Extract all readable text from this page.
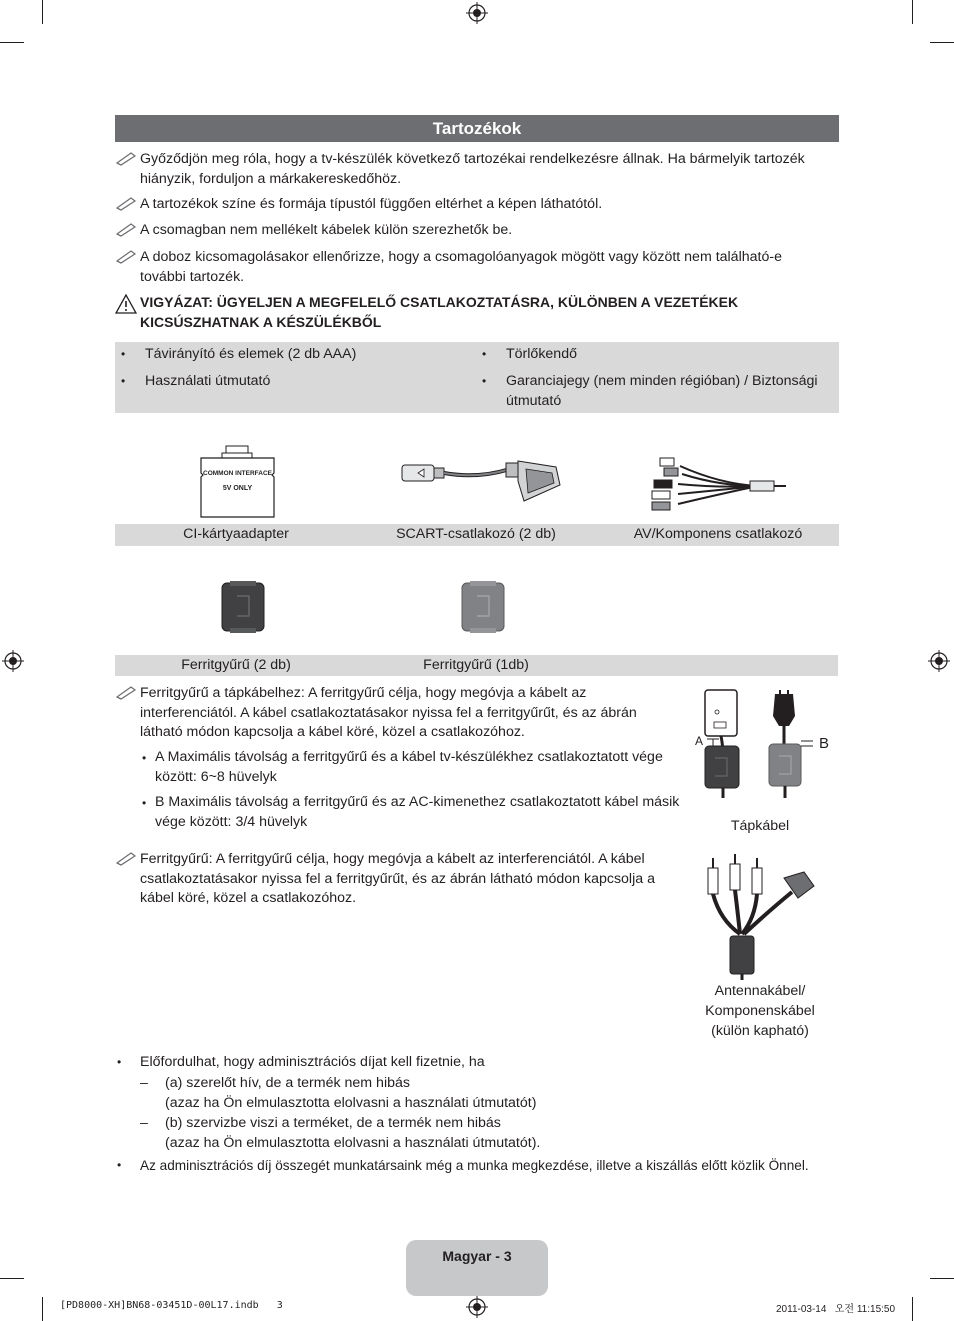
Tartozékok
Győződjön meg róla, hogy a tv-készülék következő tartozékai rendelkezésre állnak. Ha bármelyik tartozék hiányzik, forduljon a márkakereskedőhöz.
A tartozékok színe és formája típustól függően eltérhet a képen láthatótól.
A csomagban nem mellékelt kábelek külön szerezhetők be.
A doboz kicsomagolásakor ellenőrizze, hogy a csomagolóanyagok mögött vagy között nem található-e további tartozék.
VIGYÁZAT: ÜGYELJEN A MEGFELELŐ CSATLAKOZTATÁSRA, KÜLÖNBEN A VEZETÉKEK KICSÚSZHATNAK A KÉSZÜLÉKBŐL
• Távirányító és elemek (2 db AAA)
• Használati útmutató
• Törlőkendő
• Garanciajegy (nem minden régióban) / Biztonsági útmutató
COMMON INTERFACE
5V ONLY
CI-kártyaadapter	SCART-csatlakozó (2 db)	AV/Komponens csatlakozó
Ferritgyűrű (2 db)	Ferritgyűrű (1db)
Ferritgyűrű a tápkábelhez: A ferritgyűrű célja, hogy megóvja a kábelt az interferenciától. A kábel csatlakoztatásakor nyissa fel a ferritgyűrűt, és az ábrán látható módon kapcsolja a kábel köré, közel a csatlakozóhoz.
• A Maximális távolság a ferritgyűrű és a kábel tv-készülékhez csatlakoztatott vége között: 6~8 hüvelyk
• B Maximális távolság a ferritgyűrű és az AC-kimenethez csatlakoztatott kábel másik vége között: 3/4 hüvelyk
A	B
Tápkábel
Ferritgyűrű: A ferritgyűrű célja, hogy megóvja a kábelt az interferenciától. A kábel csatlakoztatásakor nyissa fel a ferritgyűrűt, és az ábrán látható módon kapcsolja a kábel köré, közel a csatlakozóhoz.
Antennakábel/
Komponenskábel
(külön kapható)
• Előfordulhat, hogy adminisztrációs díjat kell fizetnie, ha
– (a) szerelőt hív, de a termék nem hibás
(azaz ha Ön elmulasztotta elolvasni a használati útmutatót)
– (b) szervizbe viszi a terméket, de a termék nem hibás
(azaz ha Ön elmulasztotta elolvasni a használati útmutatót).
• Az adminisztrációs díj összegét munkatársaink még a munka megkezdése, illetve a kiszállás előtt közlik Önnel.
Magyar - 3
[PD8000-XH]BN68-03451D-00L17.indb   3	2011-03-14   오전 11:15:50
